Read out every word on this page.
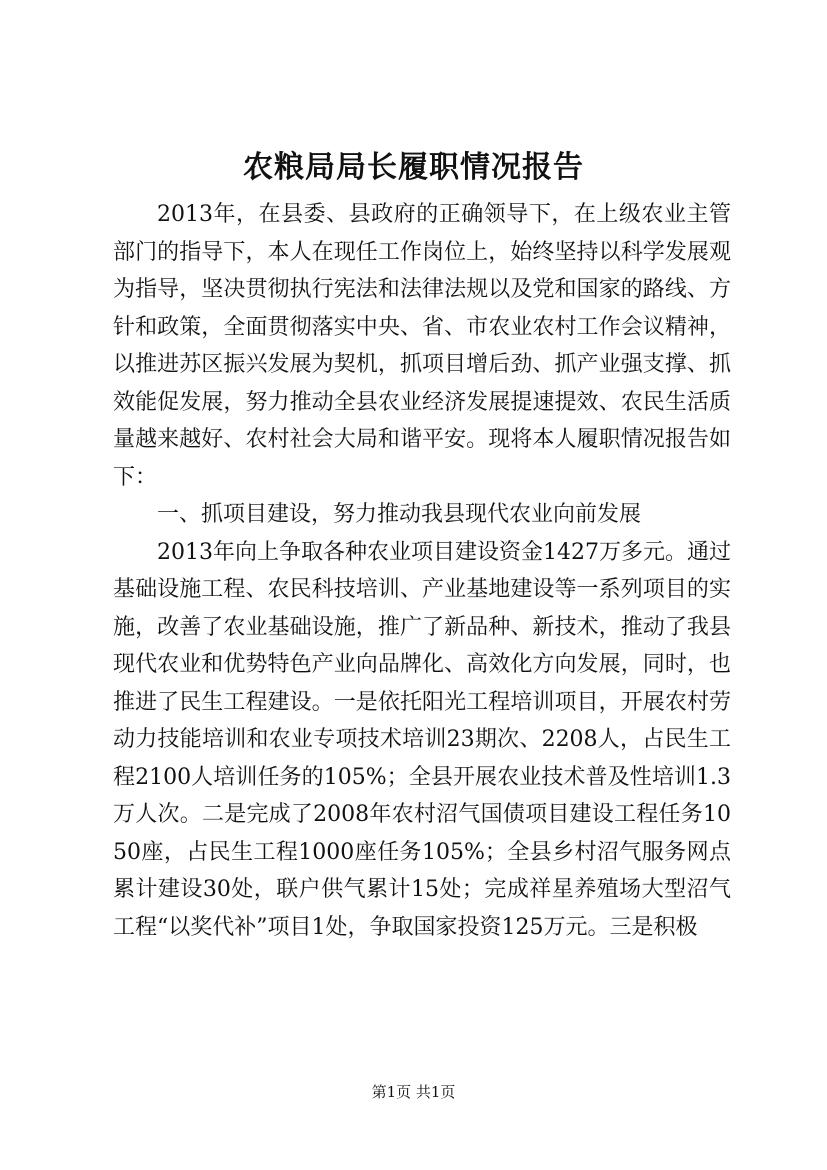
农粮局局长履职情况报告

2013年，在县委、县政府的正确领导下，在上级农业主管部门的指导下，本人在现任工作岗位上，始终坚持以科学发展观为指导，坚决贯彻执行宪法和法律法规以及党和国家的路线、方针和政策，全面贯彻落实中央、省、市农业农村工作会议精神，以推进苏区振兴发展为契机，抓项目增后劲、抓产业强支撑、抓效能促发展，努力推动全县农业经济发展提速提效、农民生活质量越来越好、农村社会大局和谐平安。现将本人履职情况报告如下：

一、抓项目建设，努力推动我县现代农业向前发展

2013年向上争取各种农业项目建设资金1427万多元。通过基础设施工程、农民科技培训、产业基地建设等一系列项目的实施，改善了农业基础设施，推广了新品种、新技术，推动了我县现代农业和优势特色产业向品牌化、高效化方向发展，同时，也推进了民生工程建设。一是依托阳光工程培训项目，开展农村劳动力技能培训和农业专项技术培训23期次、2208人，占民生工程2100人培训任务的105%；全县开展农业技术普及性培训1.3万人次。二是完成了2008年农村沼气国债项目建设工程任务1050座，占民生工程1000座任务105%；全县乡村沼气服务网点累计建设30处，联户供气累计15处；完成祥星养殖场大型沼气工程“以奖代补”项目1处，争取国家投资125万元。三是积极

第1页 共1页
